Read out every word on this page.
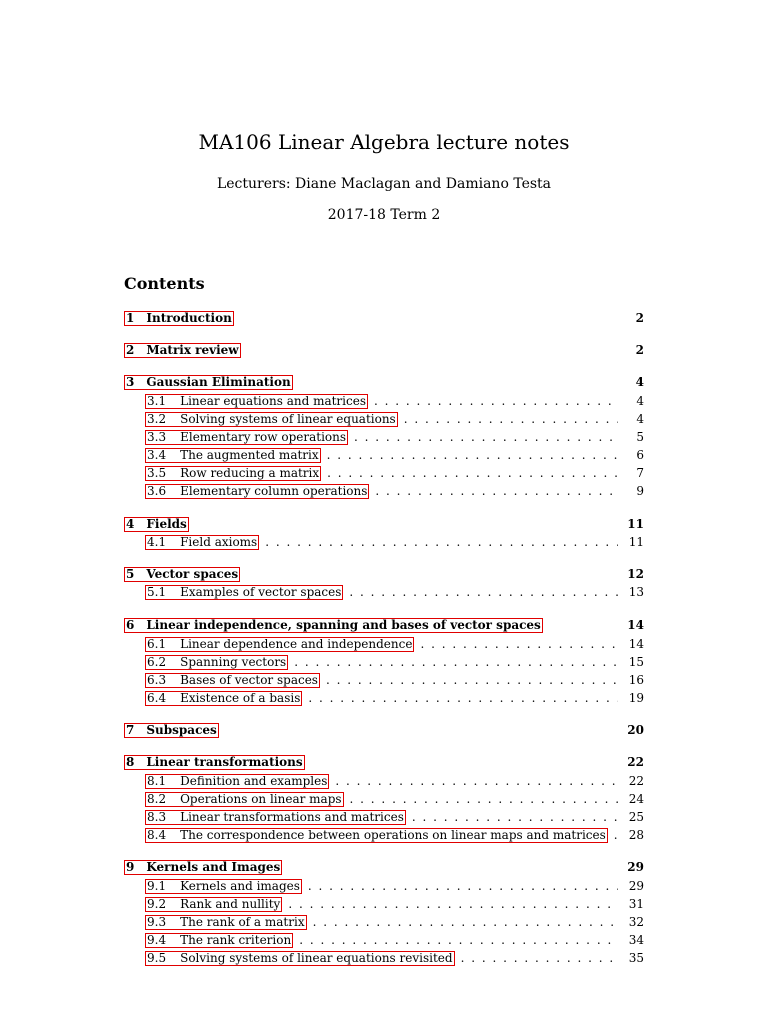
MA106 Linear Algebra lecture notes
Lecturers: Diane Maclagan and Damiano Testa
2017-18 Term 2
Contents
1 Introduction	2
2 Matrix review	2
3 Gaussian Elimination	4
3.1 Linear equations and matrices . . .	4
3.2 Solving systems of linear equations . . .	4
3.3 Elementary row operations . . .	5
3.4 The augmented matrix . . .	6
3.5 Row reducing a matrix . . .	7
3.6 Elementary column operations . . .	9
4 Fields	11
4.1 Field axioms . . .	11
5 Vector spaces	12
5.1 Examples of vector spaces . . .	13
6 Linear independence, spanning and bases of vector spaces	14
6.1 Linear dependence and independence . . .	14
6.2 Spanning vectors . . .	15
6.3 Bases of vector spaces . . .	16
6.4 Existence of a basis . . .	19
7 Subspaces	20
8 Linear transformations	22
8.1 Definition and examples . . .	22
8.2 Operations on linear maps . . .	24
8.3 Linear transformations and matrices . . .	25
8.4 The correspondence between operations on linear maps and matrices . . .	28
9 Kernels and Images	29
9.1 Kernels and images . . .	29
9.2 Rank and nullity . . .	31
9.3 The rank of a matrix . . .	32
9.4 The rank criterion . . .	34
9.5 Solving systems of linear equations revisited . . .	35
